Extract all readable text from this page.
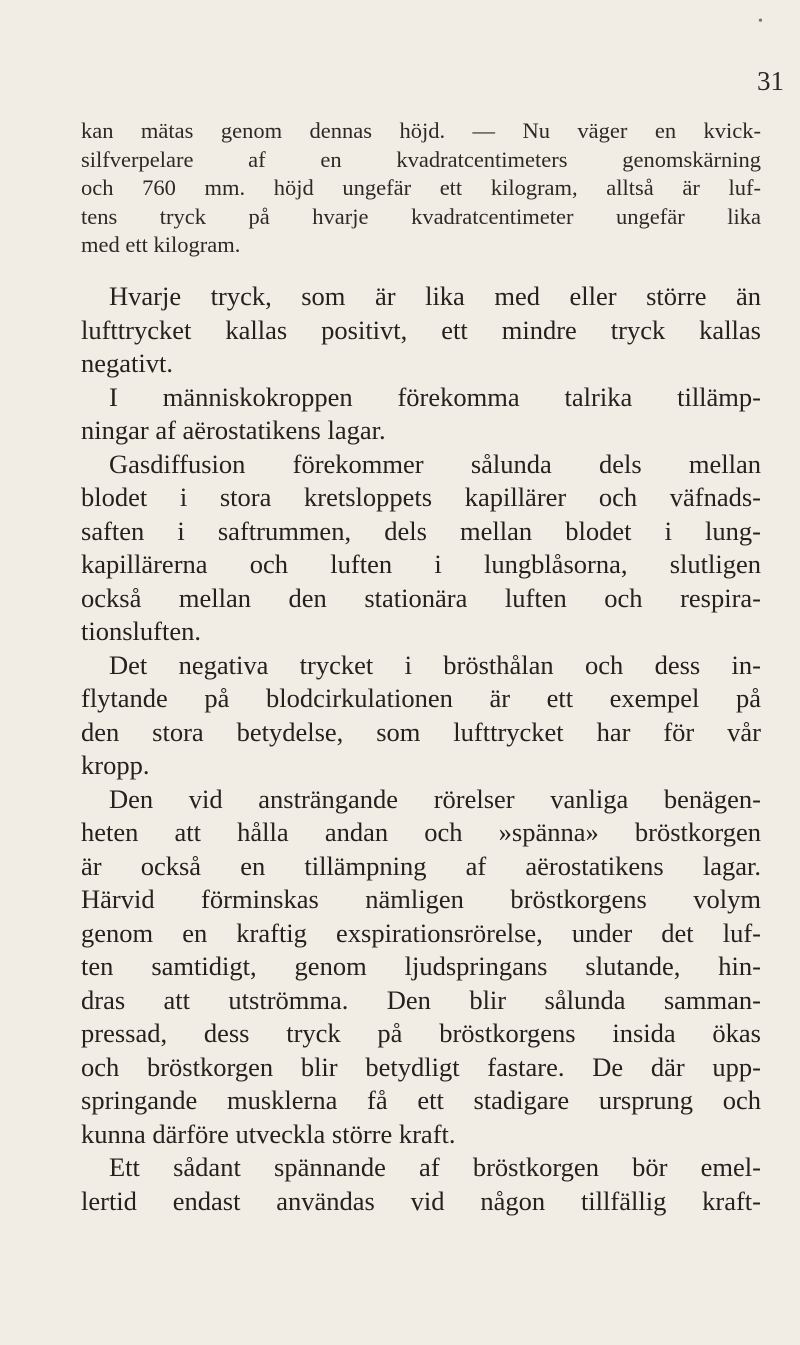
•
31
kan mätas genom dennas höjd. — Nu väger en kvick-
silfverpelare af en kvadratcentimeters genomskärning
och 760 mm. höjd ungefär ett kilogram, alltså är luf-
tens tryck på hvarje kvadratcentimeter ungefär lika
med ett kilogram.
Hvarje tryck, som är lika med eller större än
lufttrycket kallas positivt, ett mindre tryck kallas
negativt.
I människokroppen förekomma talrika tillämp-
ningar af aërostatikens lagar.
Gasdiffusion förekommer sålunda dels mellan
blodet i stora kretsloppets kapillärer och väfnads-
saften i saftrummen, dels mellan blodet i lung-
kapillärerna och luften i lungblåsorna, slutligen
också mellan den stationära luften och respira-
tionsluften.
Det negativa trycket i brösthålan och dess in-
flytande på blodcirkulationen är ett exempel på
den stora betydelse, som lufttrycket har för vår
kropp.
Den vid ansträngande rörelser vanliga benägen-
heten att hålla andan och »spänna» bröstkorgen
är också en tillämpning af aërostatikens lagar.
Härvid förminskas nämligen bröstkorgens volym
genom en kraftig exspirationsrörelse, under det luf-
ten samtidigt, genom ljudspringans slutande, hin-
dras att utströmma. Den blir sålunda samman-
pressad, dess tryck på bröstkorgens insida ökas
och bröstkorgen blir betydligt fastare. De där upp-
springande musklerna få ett stadigare ursprung och
kunna därföre utveckla större kraft.
Ett sådant spännande af bröstkorgen bör emel-
lertid endast användas vid någon tillfällig kraft-
